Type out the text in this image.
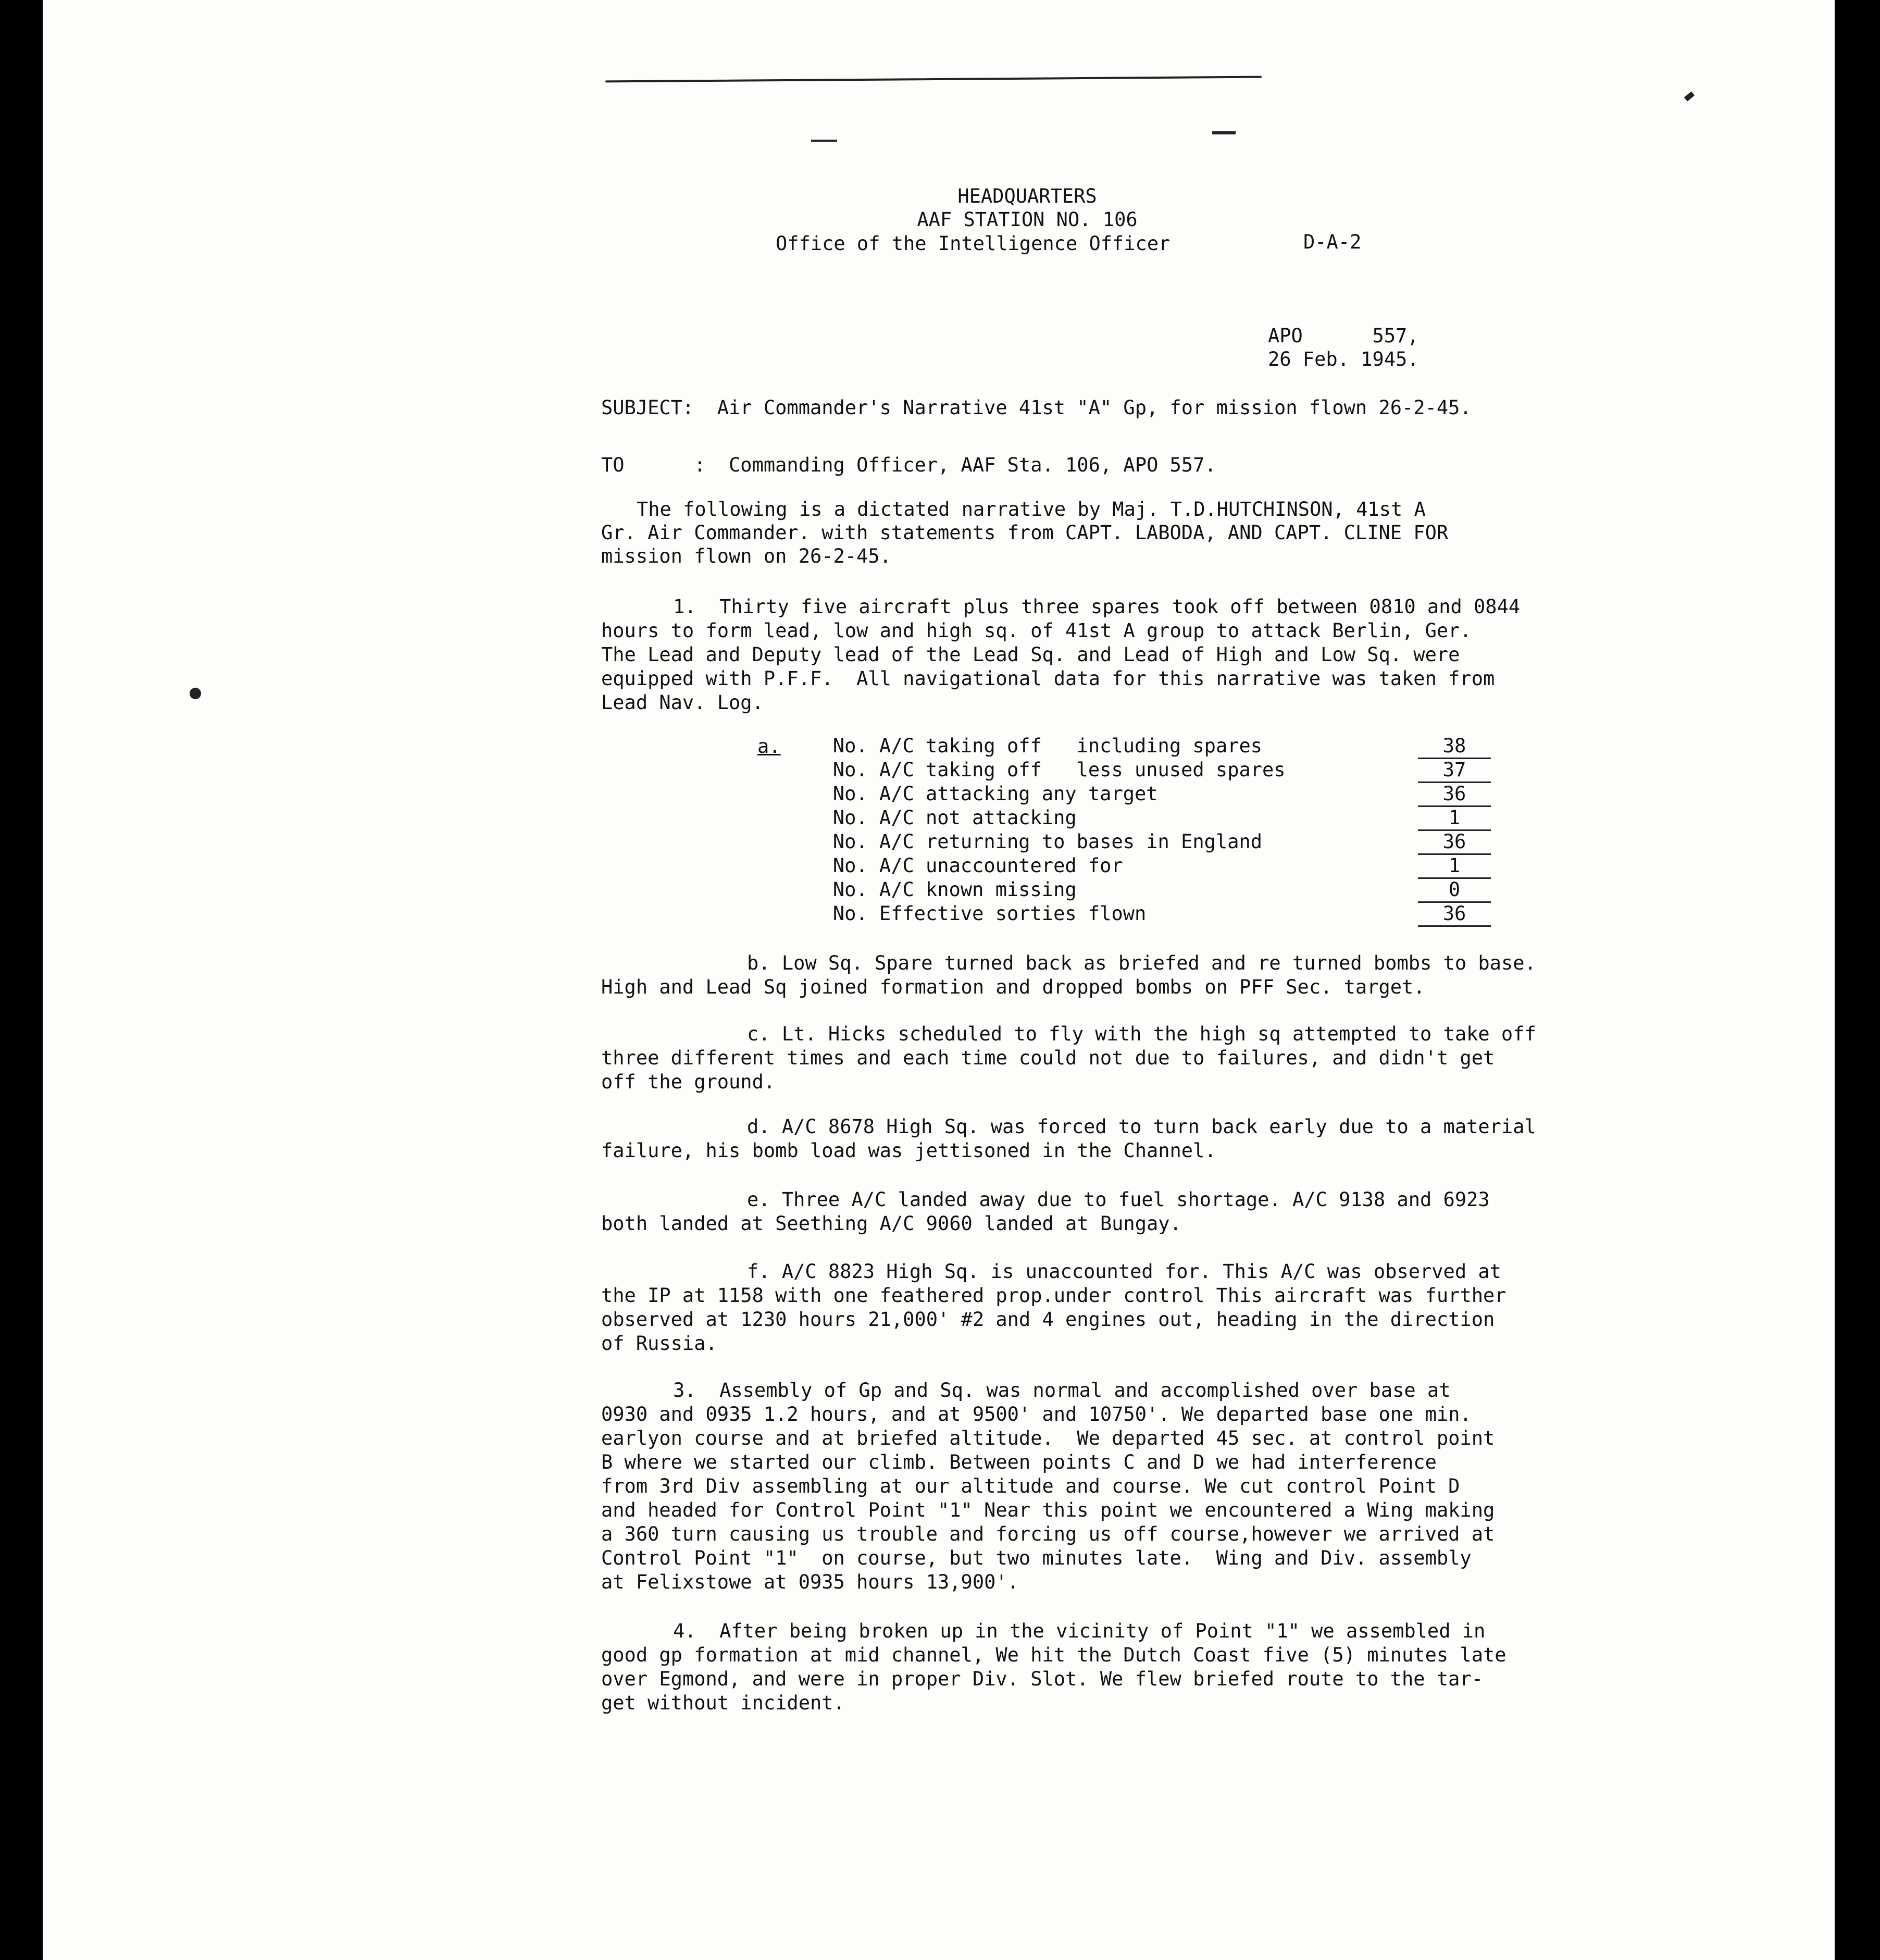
HEADQUARTERS
AAF STATION NO. 106
Office of the Intelligence Officer	D-A-2
APO      557,
26 Feb. 1945.
SUBJECT:  Air Commander's Narrative 41st "A" Gp, for mission flown 26-2-45.
TO      :  Commanding Officer, AAF Sta. 106, APO 557.
The following is a dictated narrative by Maj. T.D.HUTCHINSON, 41st A
Gr. Air Commander. with statements from CAPT. LABODA, AND CAPT. CLINE FOR
mission flown on 26-2-45.
1.  Thirty five aircraft plus three spares took off between 0810 and 0844
hours to form lead, low and high sq. of 41st A group to attack Berlin, Ger.
The Lead and Deputy lead of the Lead Sq. and Lead of High and Low Sq. were
equipped with P.F.F.  All navigational data for this narrative was taken from
Lead Nav. Log.
No. A/C taking off   including spares	38
No. A/C taking off   less unused spares	37
No. A/C attacking any target	36
No. A/C not attacking	1
No. A/C returning to bases in England	36
No. A/C unaccountered for	1
No. A/C known missing	0
No. Effective sorties flown	36
a.
b. Low Sq. Spare turned back as briefed and re turned bombs to base.
High and Lead Sq joined formation and dropped bombs on PFF Sec. target.
c. Lt. Hicks scheduled to fly with the high sq attempted to take off
three different times and each time could not due to failures, and didn't get
off the ground.
d. A/C 8678 High Sq. was forced to turn back early due to a material
failure, his bomb load was jettisoned in the Channel.
e. Three A/C landed away due to fuel shortage. A/C 9138 and 6923
both landed at Seething A/C 9060 landed at Bungay.
f. A/C 8823 High Sq. is unaccounted for. This A/C was observed at
the IP at 1158 with one feathered prop.under control This aircraft was further
observed at 1230 hours 21,000' #2 and 4 engines out, heading in the direction
of Russia.
3.  Assembly of Gp and Sq. was normal and accomplished over base at
0930 and 0935 1.2 hours, and at 9500' and 10750'. We departed base one min.
earlyon course and at briefed altitude.  We departed 45 sec. at control point
B where we started our climb. Between points C and D we had interference
from 3rd Div assembling at our altitude and course. We cut control Point D
and headed for Control Point "1" Near this point we encountered a Wing making
a 360 turn causing us trouble and forcing us off course,however we arrived at
Control Point "1"  on course, but two minutes late.  Wing and Div. assembly
at Felixstowe at 0935 hours 13,900'.
4.  After being broken up in the vicinity of Point "1" we assembled in
good gp formation at mid channel, We hit the Dutch Coast five (5) minutes late
over Egmond, and were in proper Div. Slot. We flew briefed route to the tar-
get without incident.
